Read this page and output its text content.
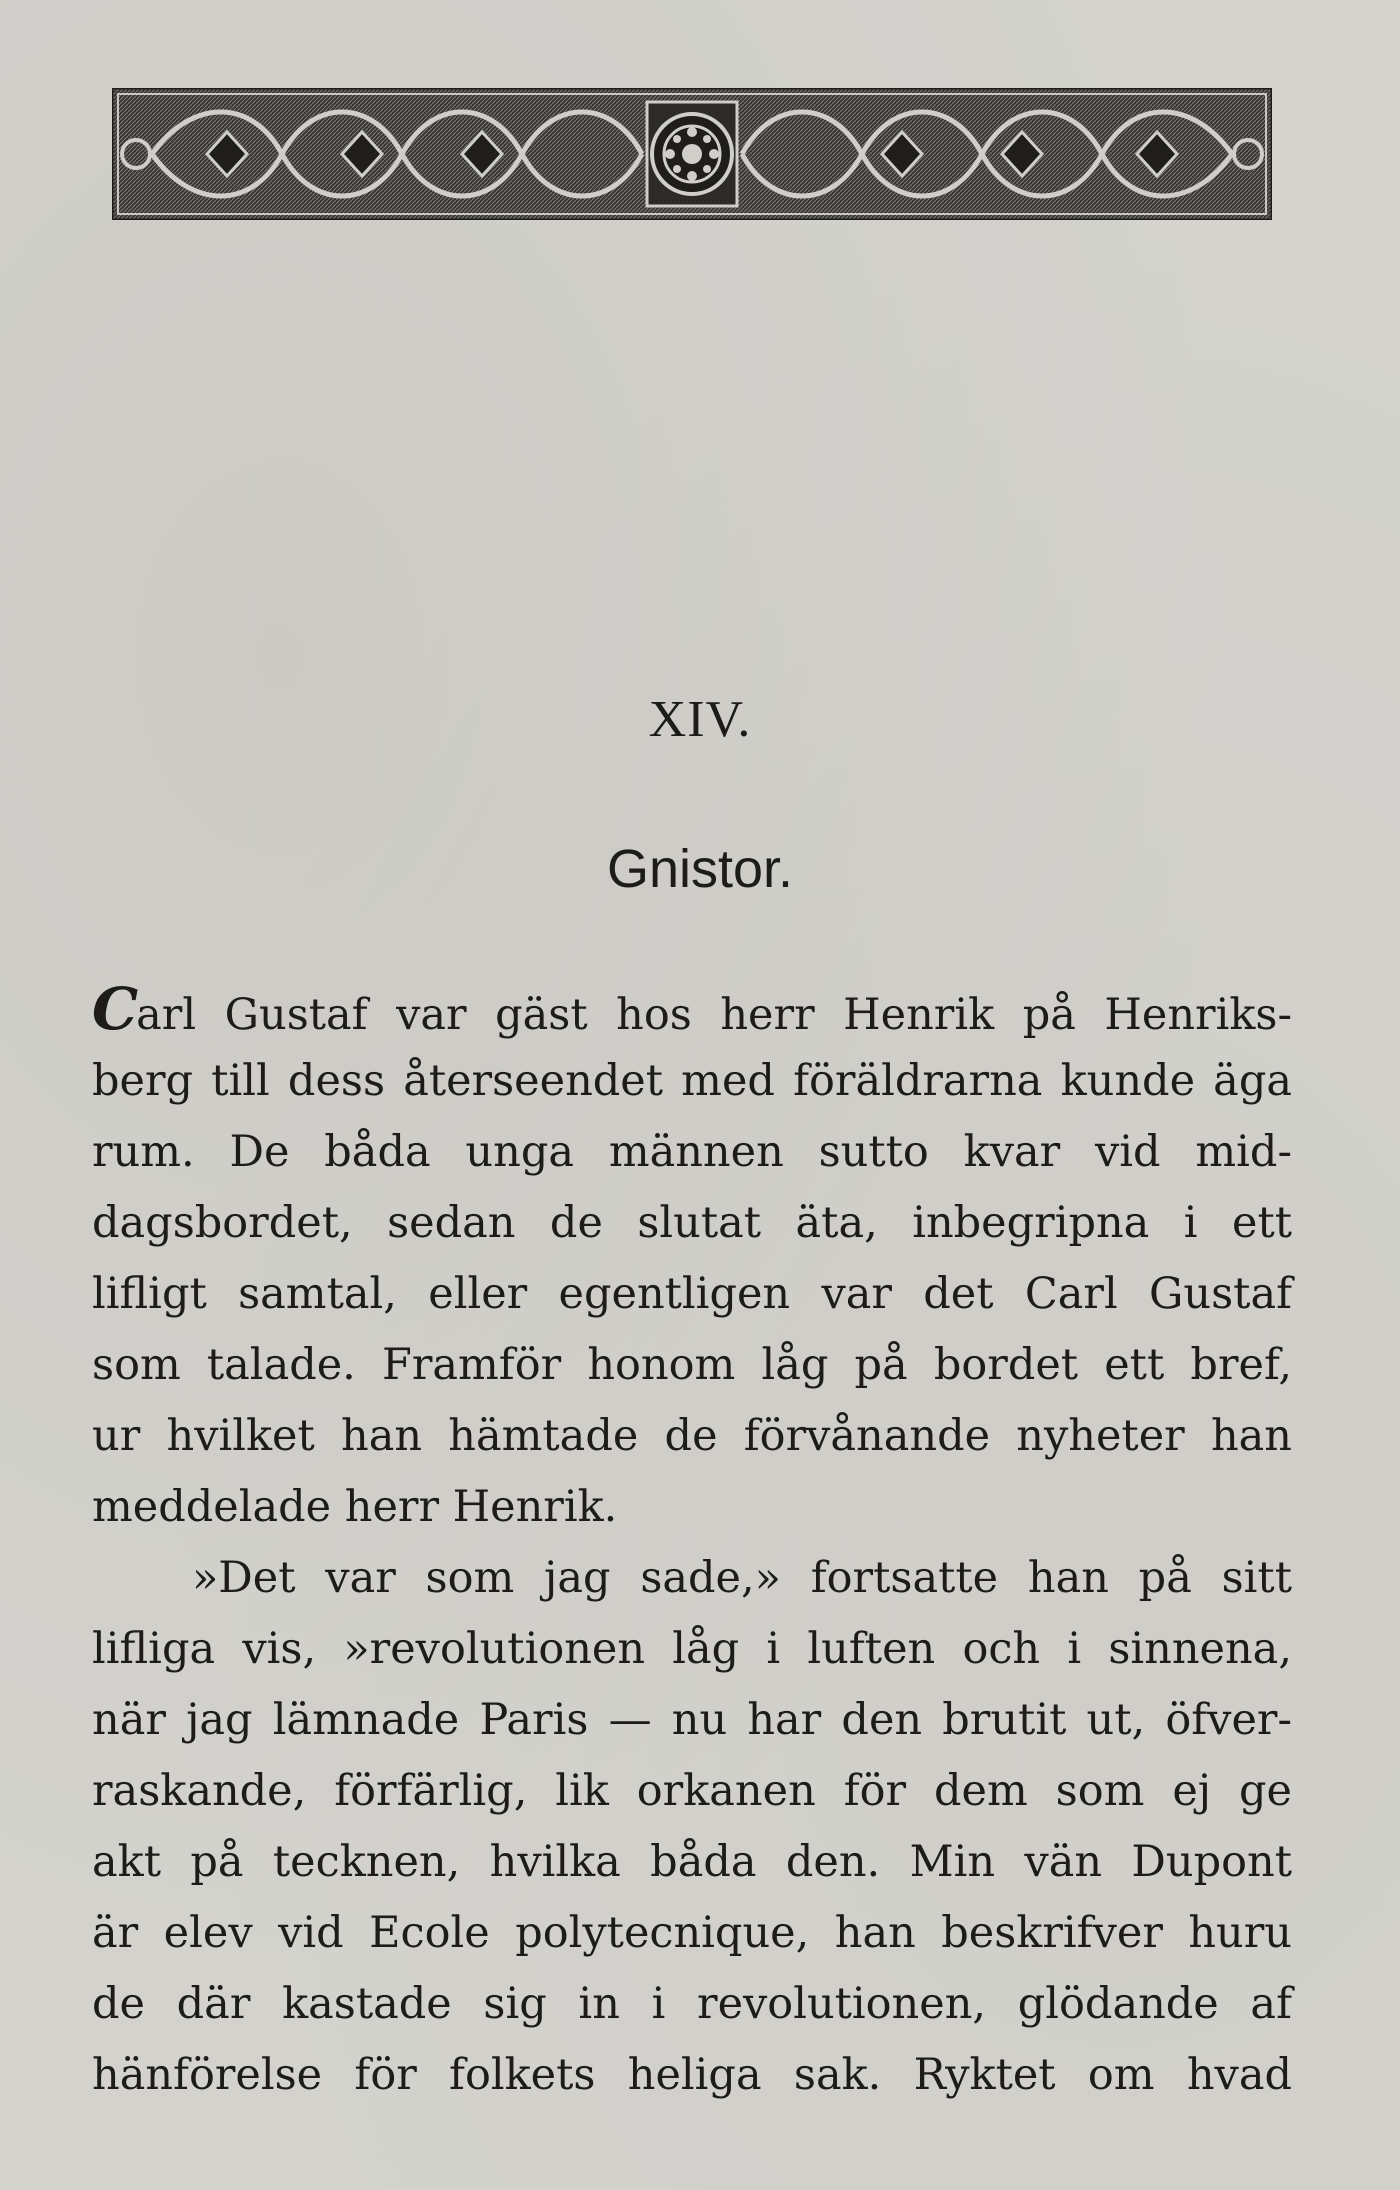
XIV.
Gnistor.
Carl Gustaf var gäst hos herr Henrik på Henriks-
berg till dess återseendet med föräldrarna kunde äga
rum. De båda unga männen sutto kvar vid mid-
dagsbordet, sedan de slutat äta, inbegripna i ett
lifligt samtal, eller egentligen var det Carl Gustaf
som talade. Framför honom låg på bordet ett bref,
ur hvilket han hämtade de förvånande nyheter han
meddelade herr Henrik.
»Det var som jag sade,» fortsatte han på sitt
lifliga vis, »revolutionen låg i luften och i sinnena,
när jag lämnade Paris — nu har den brutit ut, öfver-
raskande, förfärlig, lik orkanen för dem som ej ge
akt på tecknen, hvilka båda den. Min vän Dupont
är elev vid Ecole polytecnique, han beskrifver huru
de där kastade sig in i revolutionen, glödande af
hänförelse för folkets heliga sak. Ryktet om hvad
